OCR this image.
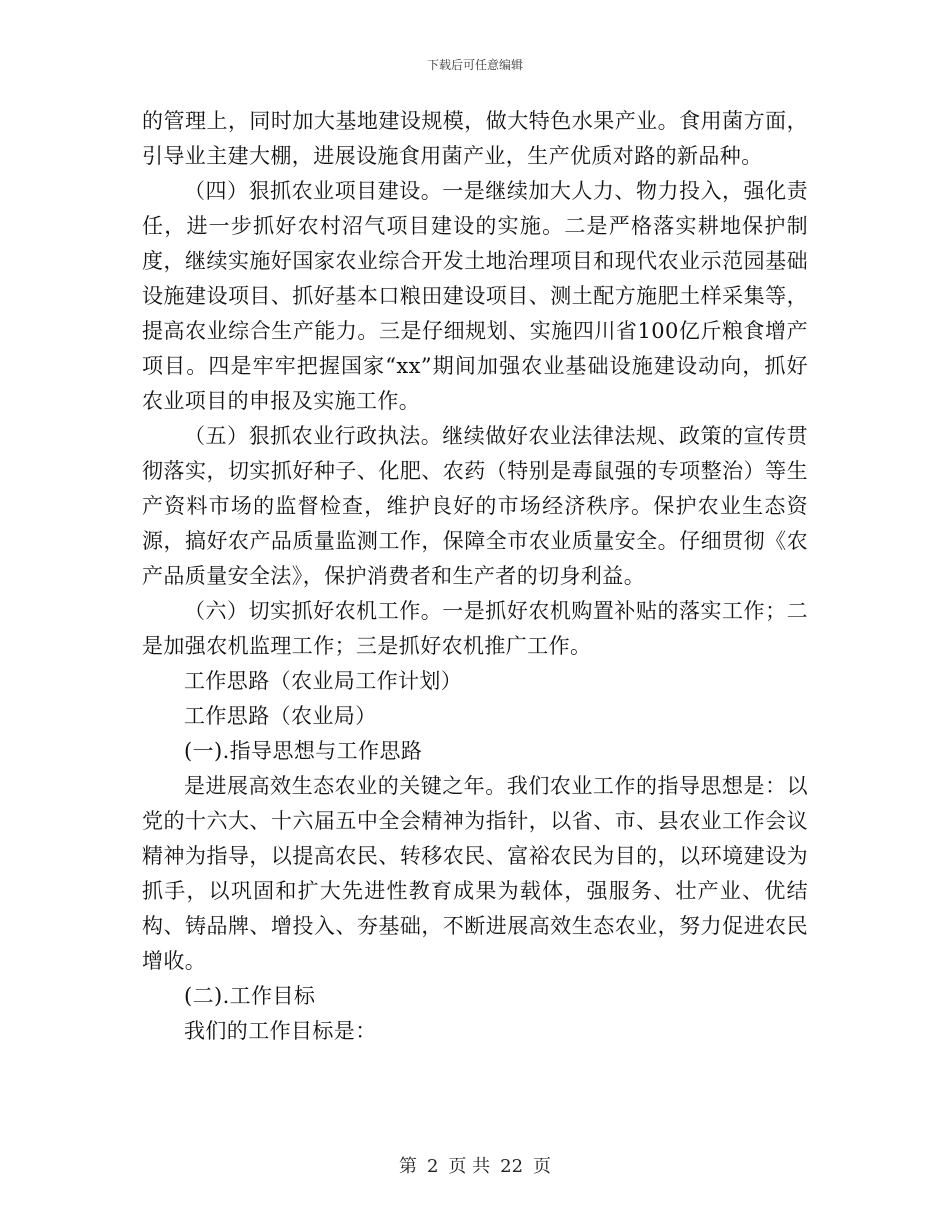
下载后可任意编辑

的管理上，同时加大基地建设规模，做大特色水果产业。食用菌方面，引导业主建大棚，进展设施食用菌产业，生产优质对路的新品种。

（四）狠抓农业项目建设。一是继续加大人力、物力投入，强化责任，进一步抓好农村沼气项目建设的实施。二是严格落实耕地保护制度，继续实施好国家农业综合开发土地治理项目和现代农业示范园基础设施建设项目、抓好基本口粮田建设项目、测土配方施肥土样采集等，提高农业综合生产能力。三是仔细规划、实施四川省100亿斤粮食增产项目。四是牢牢把握国家“xx”期间加强农业基础设施建设动向，抓好农业项目的申报及实施工作。

（五）狠抓农业行政执法。继续做好农业法律法规、政策的宣传贯彻落实，切实抓好种子、化肥、农药（特别是毒鼠强的专项整治）等生产资料市场的监督检查，维护良好的市场经济秩序。保护农业生态资源，搞好农产品质量监测工作，保障全市农业质量安全。仔细贯彻《农产品质量安全法》，保护消费者和生产者的切身利益。

（六）切实抓好农机工作。一是抓好农机购置补贴的落实工作；二是加强农机监理工作；三是抓好农机推广工作。

工作思路（农业局工作计划）

工作思路（农业局）

(一).指导思想与工作思路

是进展高效生态农业的关键之年。我们农业工作的指导思想是：以党的十六大、十六届五中全会精神为指针，以省、市、县农业工作会议精神为指导，以提高农民、转移农民、富裕农民为目的，以环境建设为抓手，以巩固和扩大先进性教育成果为载体，强服务、壮产业、优结构、铸品牌、增投入、夯基础，不断进展高效生态农业，努力促进农民增收。

(二).工作目标

我们的工作目标是：

第 2 页 共 22 页
